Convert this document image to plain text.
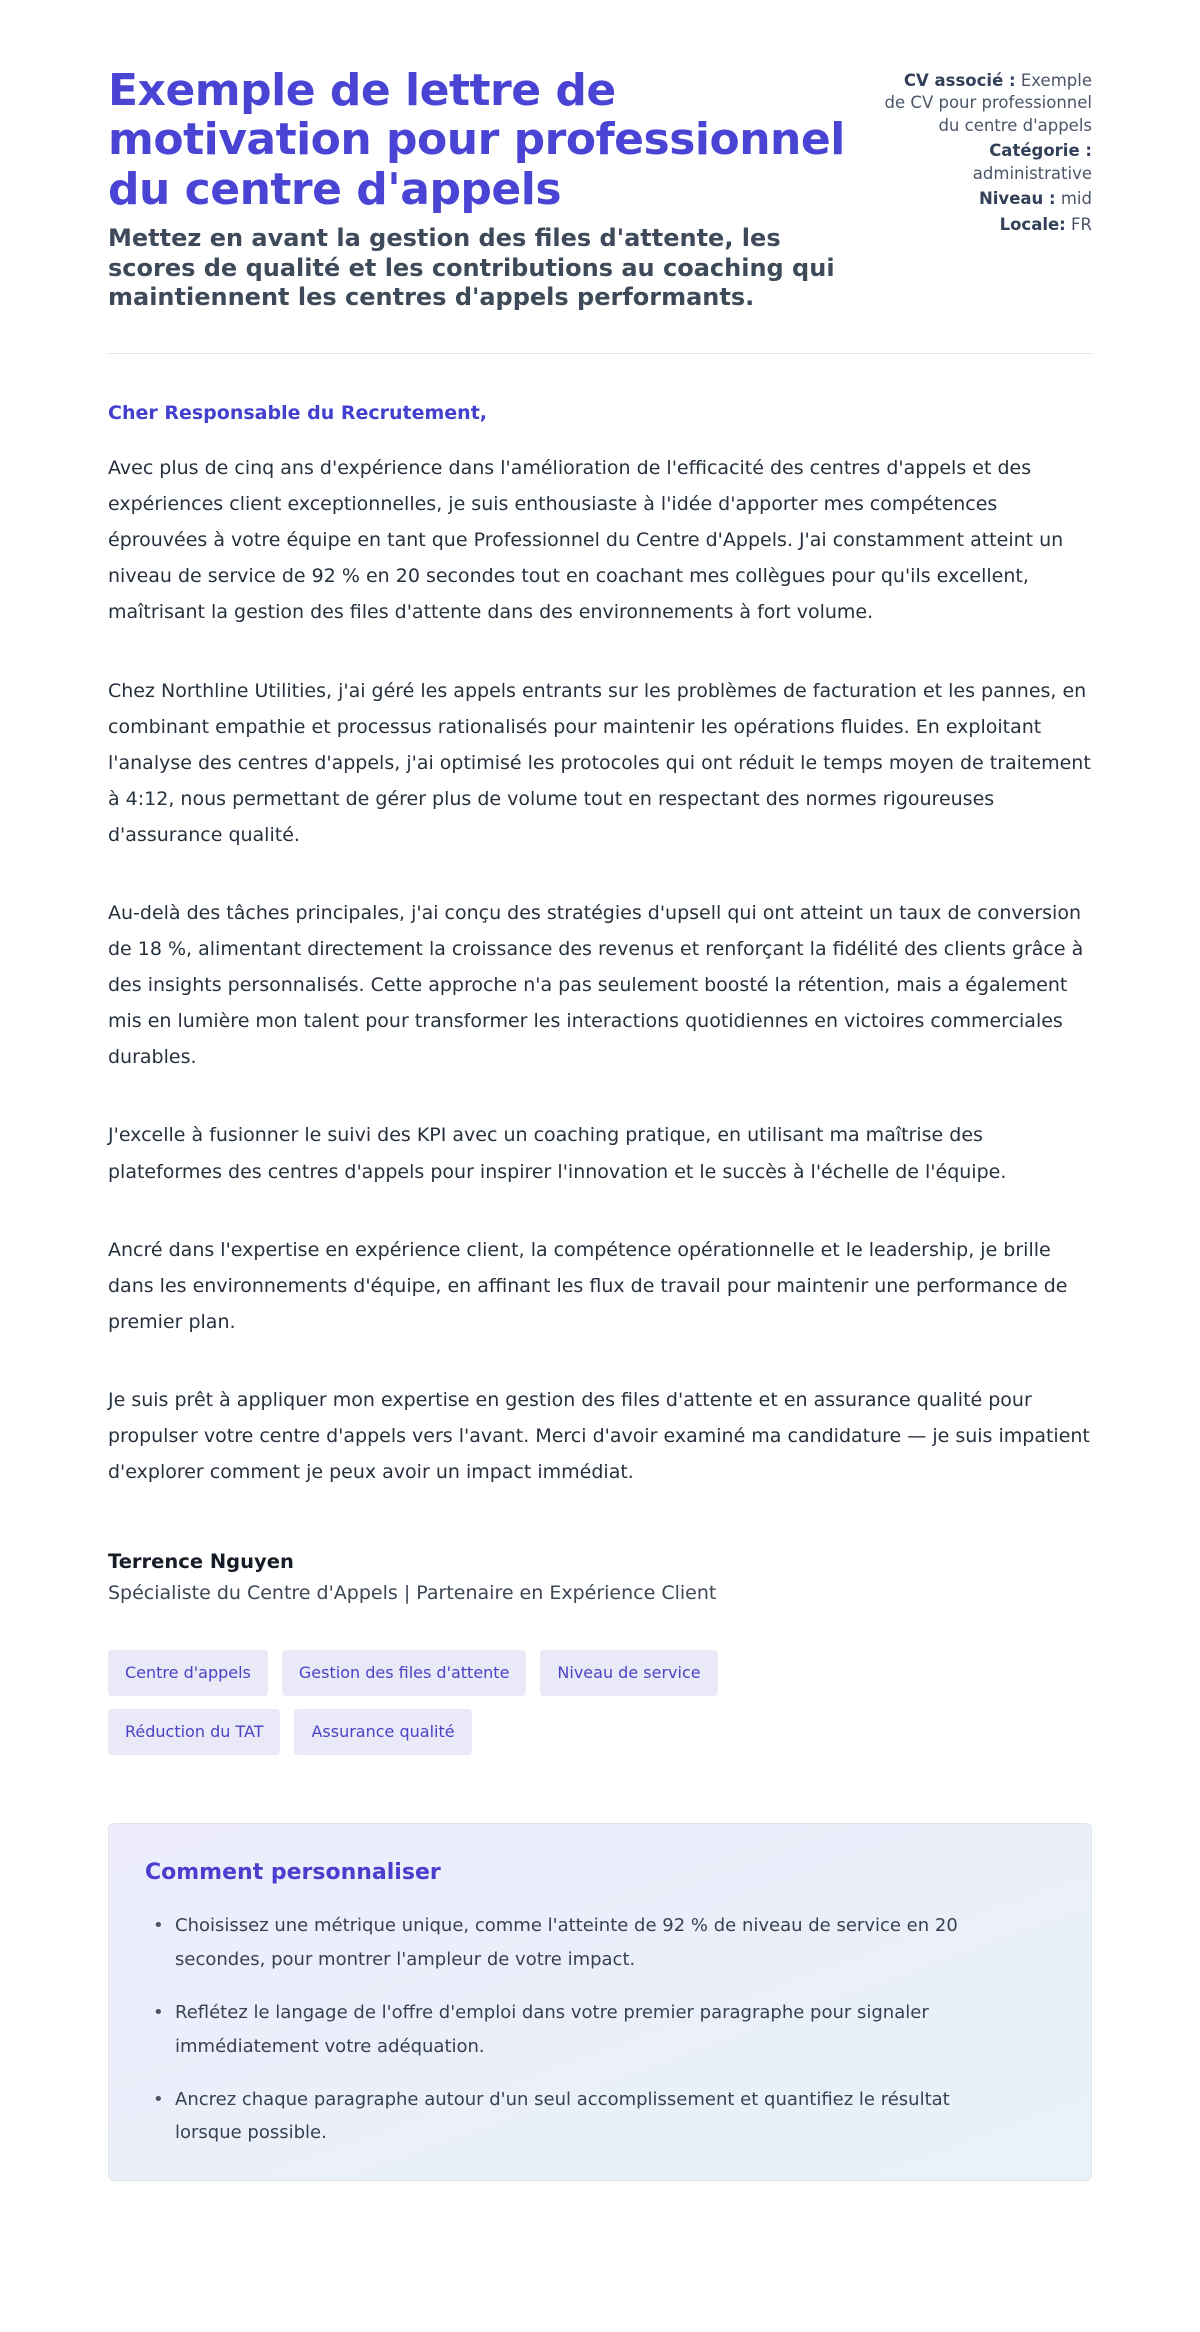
Exemple de lettre de motivation pour professionnel du centre d'appels

Mettez en avant la gestion des files d'attente, les scores de qualité et les contributions au coaching qui maintiennent les centres d'appels performants.

CV associé : Exemple de CV pour professionnel du centre d'appels
Catégorie : administrative
Niveau : mid
Locale: FR

Cher Responsable du Recrutement,

Avec plus de cinq ans d'expérience dans l'amélioration de l'efficacité des centres d'appels et des expériences client exceptionnelles, je suis enthousiaste à l'idée d'apporter mes compétences éprouvées à votre équipe en tant que Professionnel du Centre d'Appels. J'ai constamment atteint un niveau de service de 92 % en 20 secondes tout en coachant mes collègues pour qu'ils excellent, maîtrisant la gestion des files d'attente dans des environnements à fort volume.

Chez Northline Utilities, j'ai géré les appels entrants sur les problèmes de facturation et les pannes, en combinant empathie et processus rationalisés pour maintenir les opérations fluides. En exploitant l'analyse des centres d'appels, j'ai optimisé les protocoles qui ont réduit le temps moyen de traitement à 4:12, nous permettant de gérer plus de volume tout en respectant des normes rigoureuses d'assurance qualité.

Au-delà des tâches principales, j'ai conçu des stratégies d'upsell qui ont atteint un taux de conversion de 18 %, alimentant directement la croissance des revenus et renforçant la fidélité des clients grâce à des insights personnalisés. Cette approche n'a pas seulement boosté la rétention, mais a également mis en lumière mon talent pour transformer les interactions quotidiennes en victoires commerciales durables.

J'excelle à fusionner le suivi des KPI avec un coaching pratique, en utilisant ma maîtrise des plateformes des centres d'appels pour inspirer l'innovation et le succès à l'échelle de l'équipe.

Ancré dans l'expertise en expérience client, la compétence opérationnelle et le leadership, je brille dans les environnements d'équipe, en affinant les flux de travail pour maintenir une performance de premier plan.

Je suis prêt à appliquer mon expertise en gestion des files d'attente et en assurance qualité pour propulser votre centre d'appels vers l'avant. Merci d'avoir examiné ma candidature — je suis impatient d'explorer comment je peux avoir un impact immédiat.

Terrence Nguyen

Spécialiste du Centre d'Appels | Partenaire en Expérience Client

Centre d'appels	Gestion des files d'attente	Niveau de service
Réduction du TAT	Assurance qualité
Comment personnaliser
• Choisissez une métrique unique, comme l'atteinte de 92 % de niveau de service en 20 secondes, pour montrer l'ampleur de votre impact.
• Reflétez le langage de l'offre d'emploi dans votre premier paragraphe pour signaler immédiatement votre adéquation.
• Ancrez chaque paragraphe autour d'un seul accomplissement et quantifiez le résultat lorsque possible.
